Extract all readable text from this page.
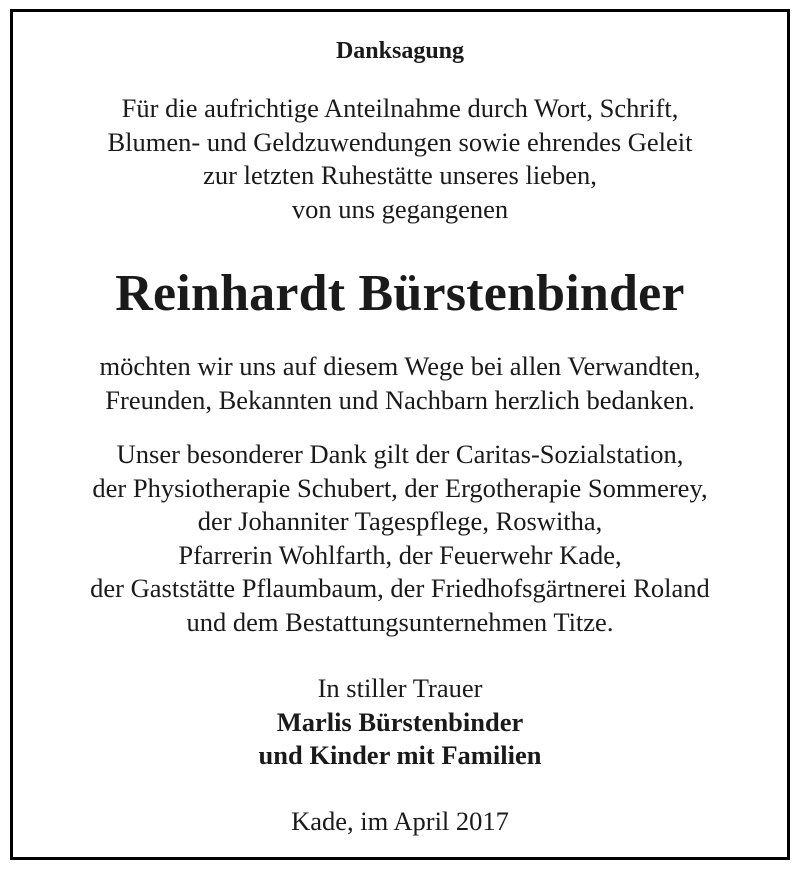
Danksagung
Für die aufrichtige Anteilnahme durch Wort, Schrift,
Blumen- und Geldzuwendungen sowie ehrendes Geleit
zur letzten Ruhestätte unseres lieben,
von uns gegangenen
Reinhardt Bürstenbinder
möchten wir uns auf diesem Wege bei allen Verwandten,
Freunden, Bekannten und Nachbarn herzlich bedanken.
Unser besonderer Dank gilt der Caritas-Sozialstation,
der Physiotherapie Schubert, der Ergotherapie Sommerey,
der Johanniter Tagespflege, Roswitha,
Pfarrerin Wohlfarth, der Feuerwehr Kade,
der Gaststätte Pflaumbaum, der Friedhofsgärtnerei Roland
und dem Bestattungsunternehmen Titze.
In stiller Trauer
Marlis Bürstenbinder
und Kinder mit Familien
Kade, im April 2017
